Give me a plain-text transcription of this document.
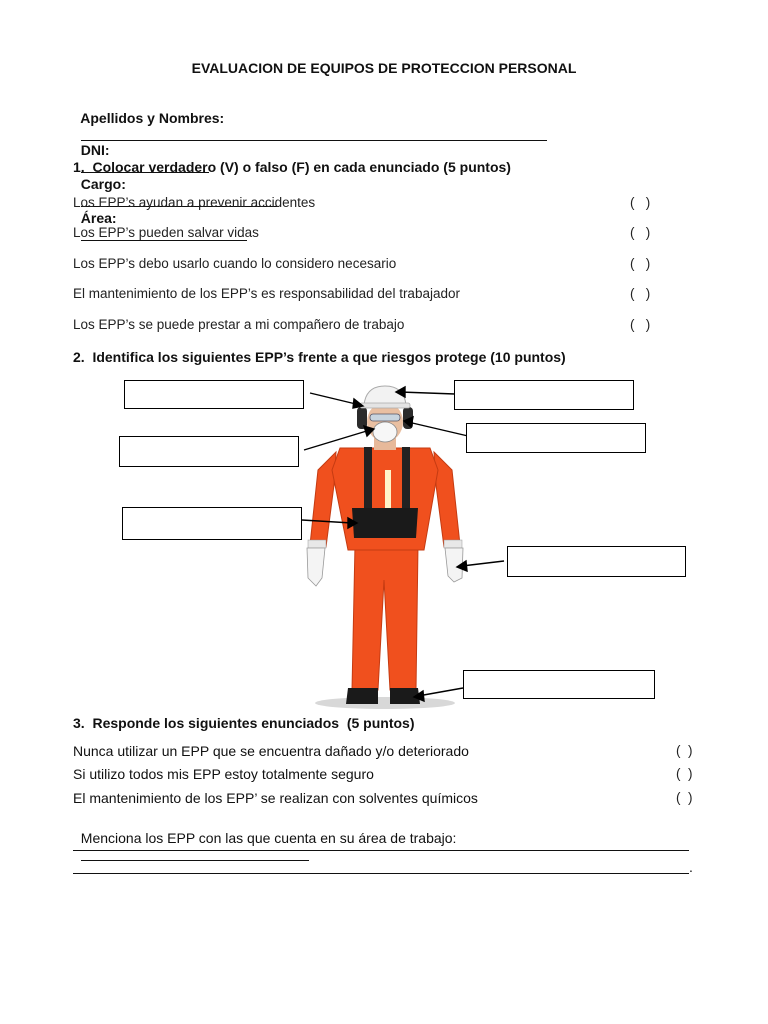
EVALUACION DE EQUIPOS DE PROTECCION PERSONAL

Apellidos y Nombres:

DNI:

Cargo:

Área:

1.  Colocar verdadero (V) o falso (F) en cada enunciado (5 puntos)
Los EPP’s ayudan a prevenir accidentes	(   )
Los EPP’s pueden salvar vidas	(   )
Los EPP’s debo usarlo cuando lo considero necesario	(   )
El mantenimiento de los EPP’s es responsabilidad del trabajador	(   )
Los EPP’s se puede prestar a mi compañero de trabajo	(   )
2.  Identifica los siguientes EPP’s frente a que riesgos protege (10 puntos)
3.  Responde los siguientes enunciados  (5 puntos)
Nunca utilizar un EPP que se encuentra dañado y/o deteriorado	(  )
Si utilizo todos mis EPP estoy totalmente seguro	(  )
El mantenimiento de los EPP’ se realizan con solventes químicos	(  )

Menciona los EPP con las que cuenta en su área de trabajo:

.
